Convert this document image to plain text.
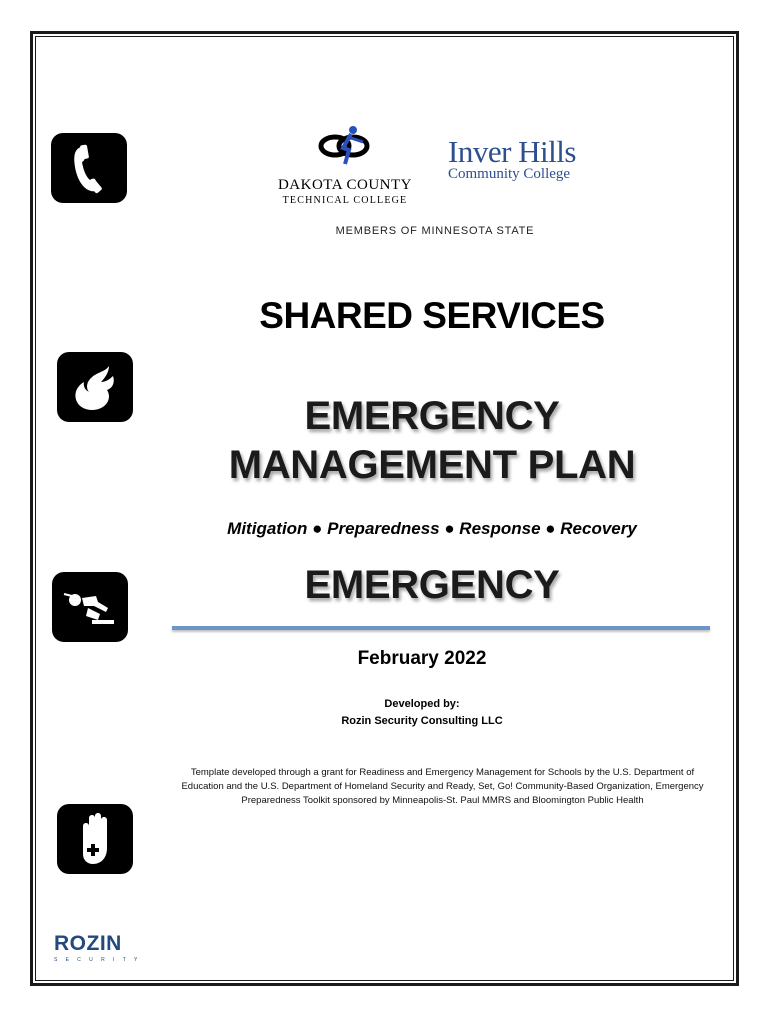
DAKOTA COUNTY
TECHNICAL COLLEGE
Inver Hills
Community College
MEMBERS OF MINNESOTA STATE
SHARED SERVICES
EMERGENCY
MANAGEMENT PLAN
Mitigation ● Preparedness ● Response ● Recovery
EMERGENCY
February 2022
Developed by:
Rozin Security Consulting LLC
Template developed through a grant for Readiness and Emergency Management for Schools by the U.S. Department of Education and the U.S. Department of Homeland Security and Ready, Set, Go! Community-Based Organization, Emergency Preparedness Toolkit sponsored by Minneapolis-St. Paul MMRS and Bloomington Public Health
ROZIN
SECURITY
